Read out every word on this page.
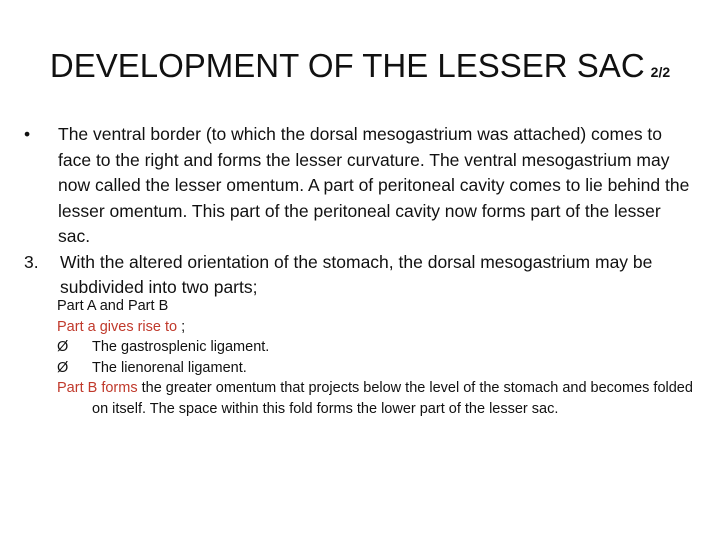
DEVELOPMENT OF THE LESSER SAC 2/2
•	The ventral border (to which the dorsal mesogastrium was attached) comes to face to the right and forms the lesser curvature. The ventral mesogastrium may now called the lesser omentum. A part of peritoneal cavity comes to lie behind the lesser omentum. This part of the peritoneal cavity now forms part of the lesser sac.
3.	With the altered orientation of the stomach, the dorsal mesogastrium may be subdivided into two parts;
Part A and Part B
Part a gives rise to ;
Ø	The gastrosplenic ligament.
Ø	The lienorenal ligament.
Part B forms the greater omentum that projects below the level of the stomach and becomes folded on itself. The space within this fold forms the lower part of the lesser sac.
